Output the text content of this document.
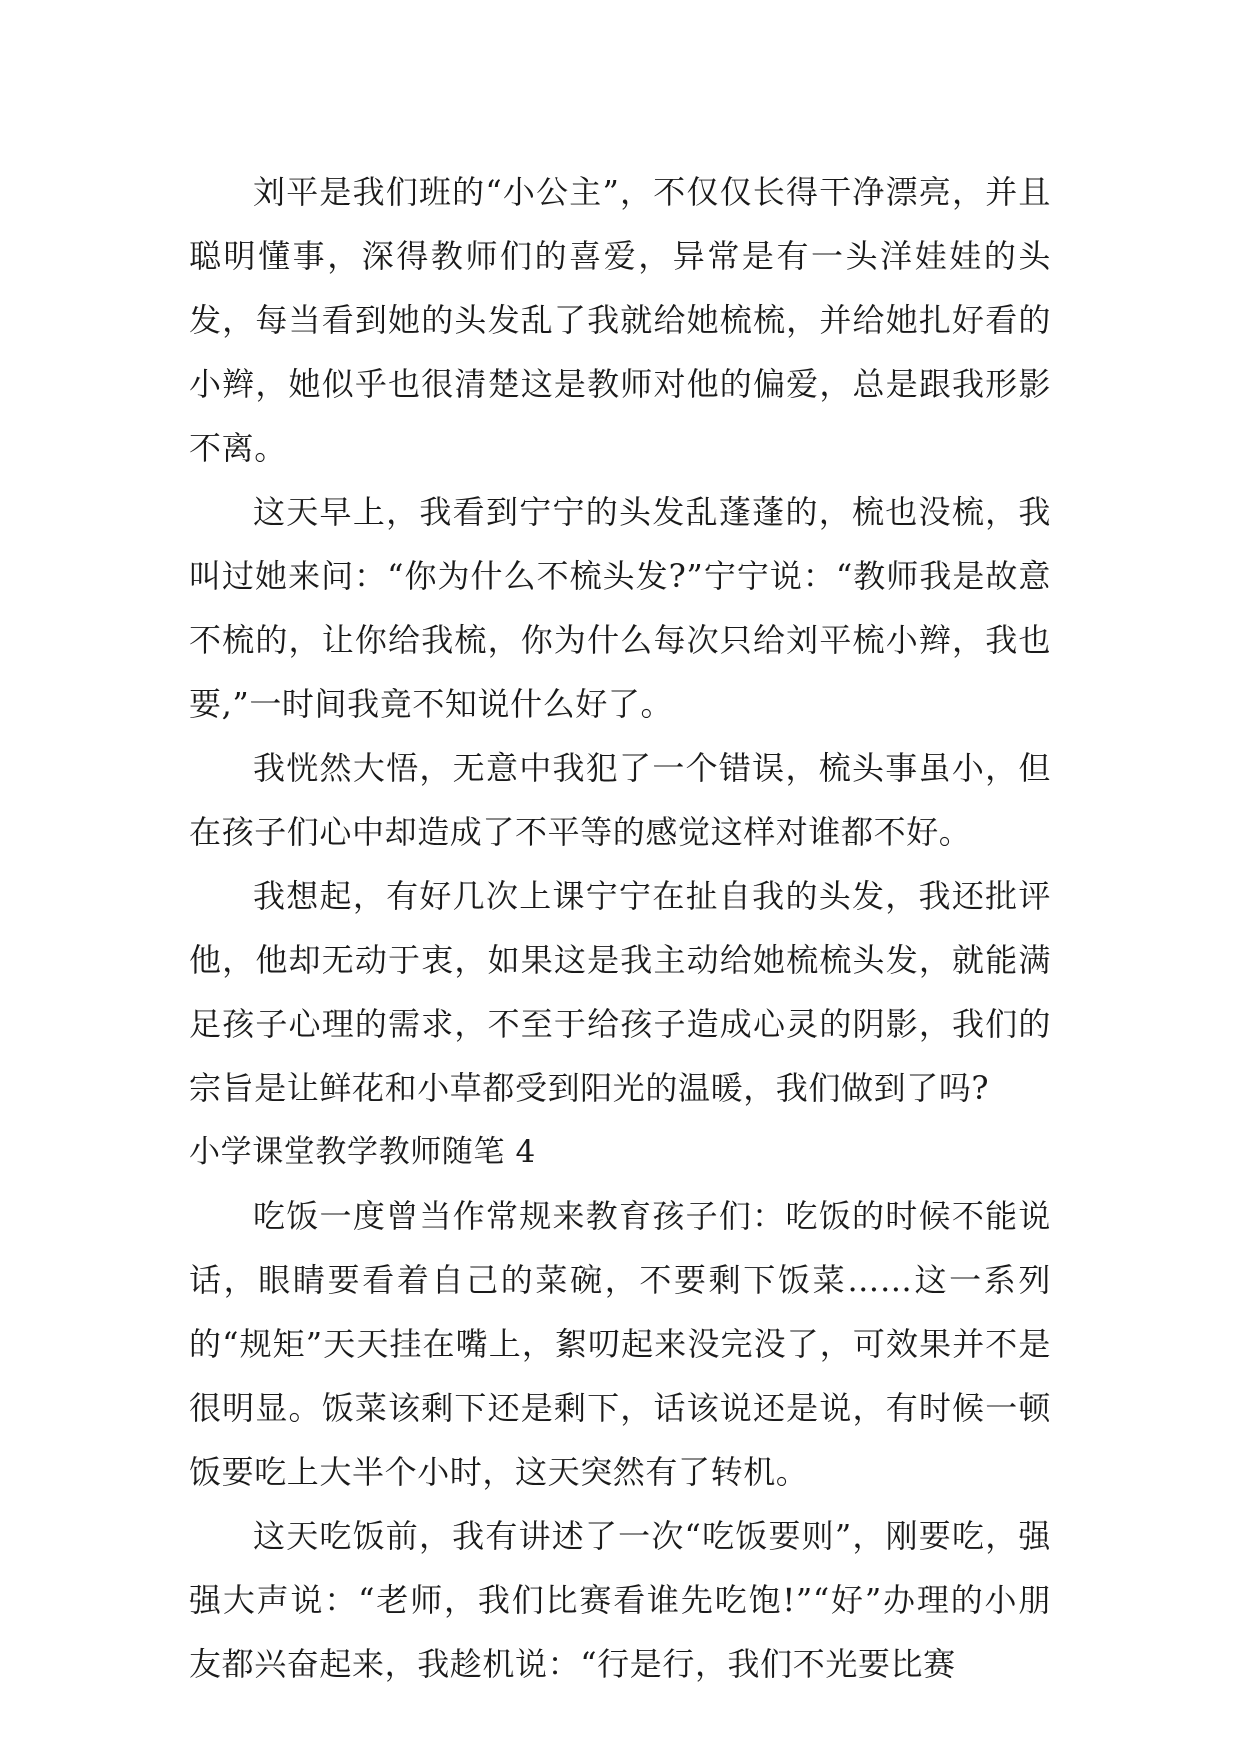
刘平是我们班的“小公主”，不仅仅长得干净漂亮，并且聪明懂事，深得教师们的喜爱，异常是有一头洋娃娃的头发，每当看到她的头发乱了我就给她梳梳，并给她扎好看的小辫，她似乎也很清楚这是教师对他的偏爱，总是跟我形影不离。

这天早上，我看到宁宁的头发乱蓬蓬的，梳也没梳，我叫过她来问：“你为什么不梳头发?”宁宁说：“教师我是故意不梳的，让你给我梳，你为什么每次只给刘平梳小辫，我也要,”一时间我竟不知说什么好了。

我恍然大悟，无意中我犯了一个错误，梳头事虽小，但在孩子们心中却造成了不平等的感觉这样对谁都不好。

我想起，有好几次上课宁宁在扯自我的头发，我还批评他，他却无动于衷，如果这是我主动给她梳梳头发，就能满足孩子心理的需求，不至于给孩子造成心灵的阴影，我们的宗旨是让鲜花和小草都受到阳光的温暖，我们做到了吗?

小学课堂教学教师随笔 4

吃饭一度曾当作常规来教育孩子们：吃饭的时候不能说话，眼睛要看着自己的菜碗，不要剩下饭菜……这一系列的“规矩”天天挂在嘴上，絮叨起来没完没了，可效果并不是很明显。饭菜该剩下还是剩下，话该说还是说，有时候一顿饭要吃上大半个小时，这天突然有了转机。

这天吃饭前，我有讲述了一次“吃饭要则”，刚要吃，强强大声说：“老师，我们比赛看谁先吃饱!”“好”办理的小朋友都兴奋起来，我趁机说：“行是行，我们不光要比赛
